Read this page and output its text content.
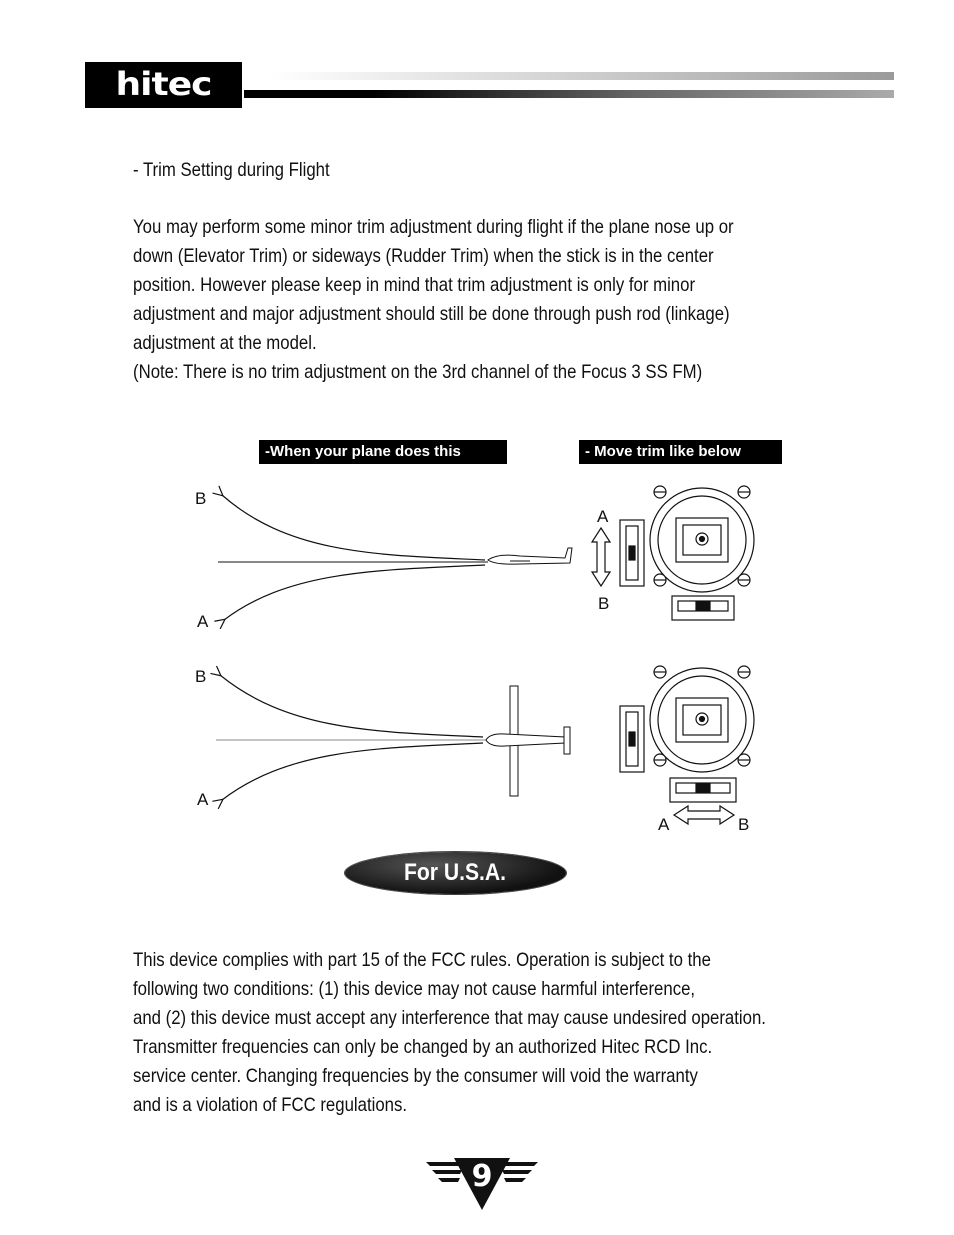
hitec

- Trim Setting during Flight

You may perform some minor trim adjustment during flight if the plane nose up or

down (Elevator Trim) or sideways (Rudder Trim) when the stick is in the center

position. However please keep in mind that trim adjustment is only for minor

adjustment and major adjustment should still be done through push rod (linkage)

adjustment at the model.

(Note: There is no trim adjustment on the 3rd channel of the Focus 3 SS FM)

-When your plane does this	- Move trim like below
B
A
A
B
B
A
A	B
For U.S.A.

This device complies with part 15 of the FCC rules. Operation is subject to the

following two conditions: (1) this device may not cause harmful interference,

and (2) this device must accept any interference that may cause undesired operation.

Transmitter frequencies can only be changed by an authorized Hitec RCD Inc.

service center. Changing frequencies by the consumer will void the warranty

and is a violation of FCC regulations.

9
